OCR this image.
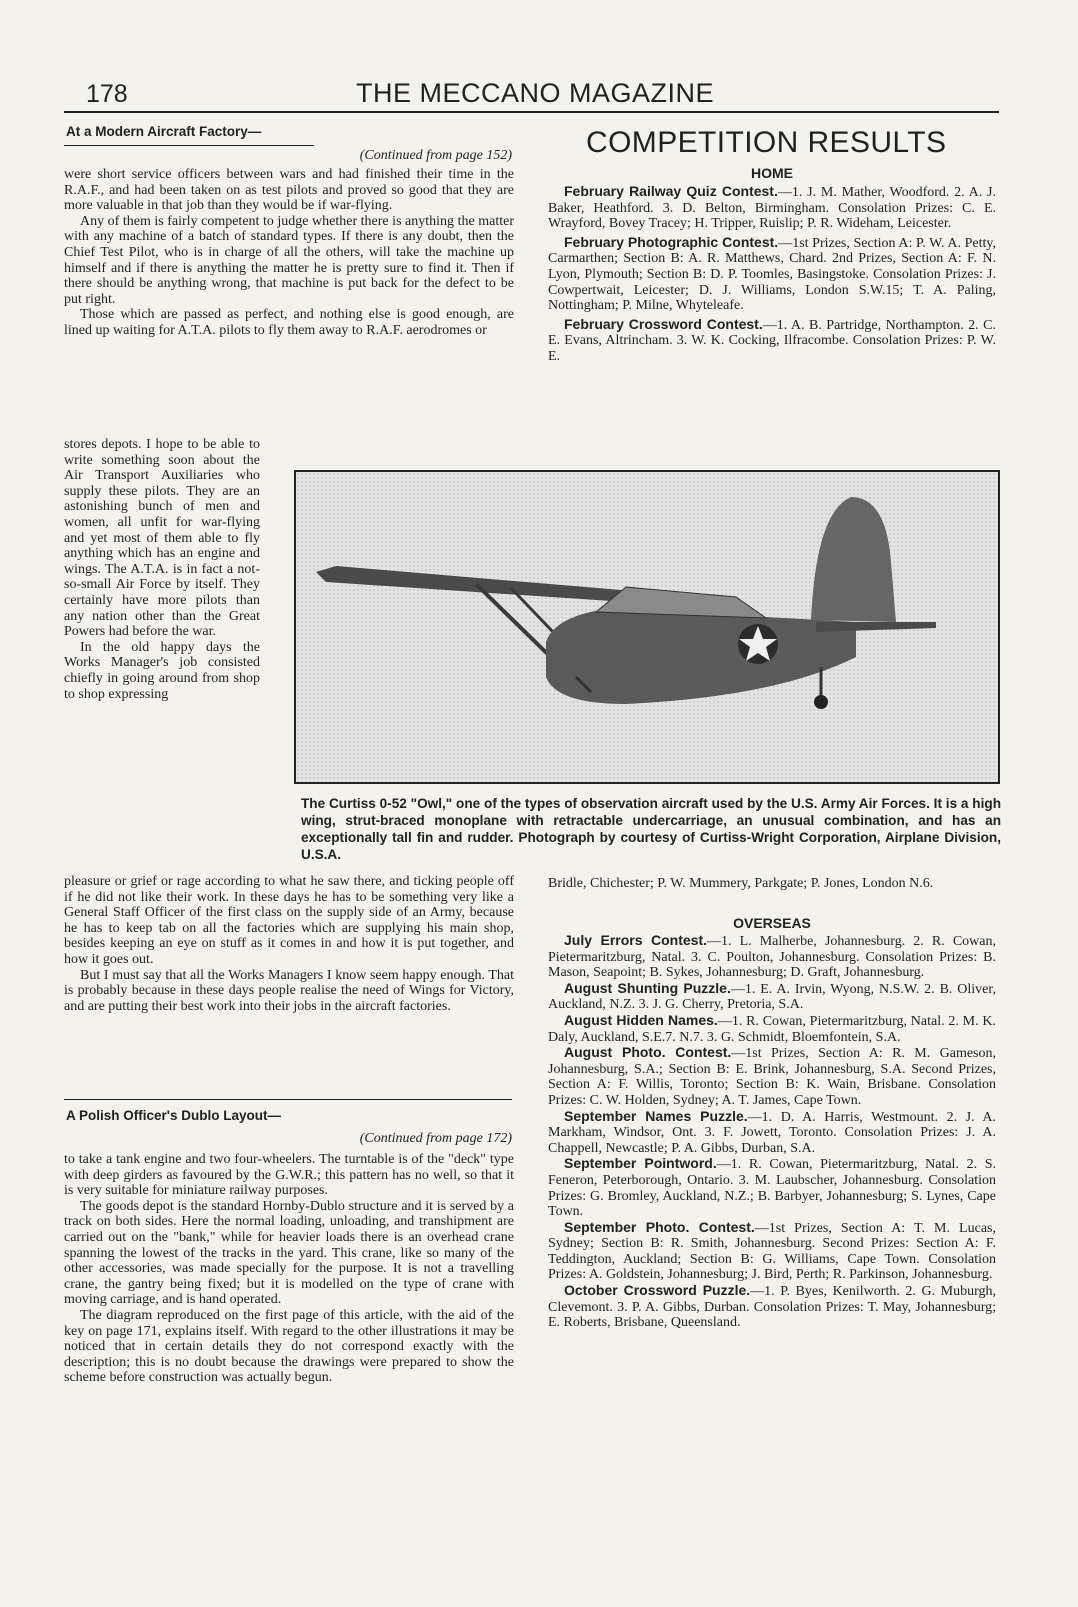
178	THE MECCANO MAGAZINE
At a Modern Aircraft Factory—
(Continued from page 152)

were short service officers between wars and had finished their time in the R.A.F., and had been taken on as test pilots and proved so good that they are more valuable in that job than they would be if war-flying.

Any of them is fairly competent to judge whether there is anything the matter with any machine of a batch of standard types. If there is any doubt, then the Chief Test Pilot, who is in charge of all the others, will take the machine up himself and if there is anything the matter he is pretty sure to find it. Then if there should be anything wrong, that machine is put back for the defect to be put right.

Those which are passed as perfect, and nothing else is good enough, are lined up waiting for A.T.A. pilots to fly them away to R.A.F. aerodromes or

stores depots. I hope to be able to write something soon about the Air Transport Auxiliaries who supply these pilots. They are an astonishing bunch of men and women, all unfit for war-flying and yet most of them able to fly anything which has an engine and wings. The A.T.A. is in fact a not-so-small Air Force by itself. They certainly have more pilots than any nation other than the Great Powers had before the war.

In the old happy days the Works Manager's job consisted chiefly in going around from shop to shop expressing

pleasure or grief or rage according to what he saw there, and ticking people off if he did not like their work. In these days he has to be something very like a General Staff Officer of the first class on the supply side of an Army, because he has to keep tab on all the factories which are supplying his main shop, besides keeping an eye on stuff as it comes in and how it is put together, and how it goes out.

But I must say that all the Works Managers I know seem happy enough. That is probably because in these days people realise the need of Wings for Victory, and are putting their best work into their jobs in the aircraft factories.

A Polish Officer's Dublo Layout—
(Continued from page 172)

to take a tank engine and two four-wheelers. The turntable is of the "deck" type with deep girders as favoured by the G.W.R.; this pattern has no well, so that it is very suitable for miniature railway purposes.

The goods depot is the standard Hornby-Dublo structure and it is served by a track on both sides. Here the normal loading, unloading, and transhipment are carried out on the "bank," while for heavier loads there is an overhead crane spanning the lowest of the tracks in the yard. This crane, like so many of the other accessories, was made specially for the purpose. It is not a travelling crane, the gantry being fixed; but it is modelled on the type of crane with moving carriage, and is hand operated.

The diagram reproduced on the first page of this article, with the aid of the key on page 171, explains itself. With regard to the other illustrations it may be noticed that in certain details they do not correspond exactly with the description; this is no doubt because the drawings were prepared to show the scheme before construction was actually begun.

COMPETITION RESULTS
HOME

February Railway Quiz Contest.—1. J. M. Mather, Woodford. 2. A. J. Baker, Heathford. 3. D. Belton, Birmingham. Consolation Prizes: C. E. Wrayford, Bovey Tracey; H. Tripper, Ruislip; P. R. Wideham, Leicester.

February Photographic Contest.—1st Prizes, Section A: P. W. A. Petty, Carmarthen; Section B: A. R. Matthews, Chard. 2nd Prizes, Section A: F. N. Lyon, Plymouth; Section B: D. P. Toomles, Basingstoke. Consolation Prizes: J. Cowpertwait, Leicester; D. J. Williams, London S.W.15; T. A. Paling, Nottingham; P. Milne, Whyteleafe.

February Crossword Contest.—1. A. B. Partridge, Northampton. 2. C. E. Evans, Altrincham. 3. W. K. Cocking, Ilfracombe. Consolation Prizes: P. W. E.

The Curtiss 0-52 "Owl," one of the types of observation aircraft used by the U.S. Army Air Forces. It is a high wing, strut-braced monoplane with retractable undercarriage, an unusual combination, and has an exceptionally tall fin and rudder. Photograph by courtesy of Curtiss-Wright Corporation, Airplane Division, U.S.A.

Bridle, Chichester; P. W. Mummery, Parkgate; P. Jones, London N.6.

OVERSEAS

July Errors Contest.—1. L. Malherbe, Johannesburg. 2. R. Cowan, Pietermaritzburg, Natal. 3. C. Poulton, Johannesburg. Consolation Prizes: B. Mason, Seapoint; B. Sykes, Johannesburg; D. Graft, Johannesburg.

August Shunting Puzzle.—1. E. A. Irvin, Wyong, N.S.W. 2. B. Oliver, Auckland, N.Z. 3. J. G. Cherry, Pretoria, S.A.

August Hidden Names.—1. R. Cowan, Pietermaritzburg, Natal. 2. M. K. Daly, Auckland, S.E.7. N.7. 3. G. Schmidt, Bloemfontein, S.A.

August Photo. Contest.—1st Prizes, Section A: R. M. Gameson, Johannesburg, S.A.; Section B: E. Brink, Johannesburg, S.A. Second Prizes, Section A: F. Willis, Toronto; Section B: K. Wain, Brisbane. Consolation Prizes: C. W. Holden, Sydney; A. T. James, Cape Town.

September Names Puzzle.—1. D. A. Harris, Westmount. 2. J. A. Markham, Windsor, Ont. 3. F. Jowett, Toronto. Consolation Prizes: J. A. Chappell, Newcastle; P. A. Gibbs, Durban, S.A.

September Pointword.—1. R. Cowan, Pietermaritzburg, Natal. 2. S. Feneron, Peterborough, Ontario. 3. M. Laubscher, Johannesburg. Consolation Prizes: G. Bromley, Auckland, N.Z.; B. Barbyer, Johannesburg; S. Lynes, Cape Town.

September Photo. Contest.—1st Prizes, Section A: T. M. Lucas, Sydney; Section B: R. Smith, Johannesburg. Second Prizes: Section A: F. Teddington, Auckland; Section B: G. Williams, Cape Town. Consolation Prizes: A. Goldstein, Johannesburg; J. Bird, Perth; R. Parkinson, Johannesburg.

October Crossword Puzzle.—1. P. Byes, Kenilworth. 2. G. Muburgh, Clevemont. 3. P. A. Gibbs, Durban. Consolation Prizes: T. May, Johannesburg; E. Roberts, Brisbane, Queensland.
